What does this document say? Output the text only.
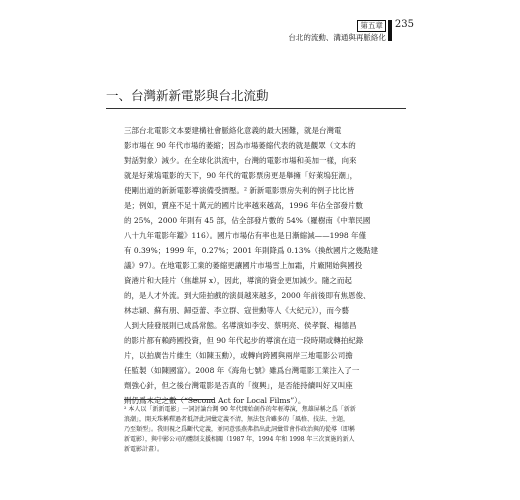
第五章
台北的流動、溝通與再脈絡化
235
一、台灣新新電影與台北流動
三部台北電影文本要建構社會脈絡化意義的最大困難，就是台灣電
影市場在 90 年代市場的萎縮；因為市場萎縮代表的就是觀眾（文本的
對話對象）減少。在全球化洪流中，台灣的電影市場和美加一樣，向來
就是好萊塢電影的天下，90 年代的電影票房更是舉擁「好萊塢狂潮」，
使剛出道的新新電影導演備受擠壓。² 新新電影票房失利的例子比比皆
是；例如，賣座不足十萬元的國片比率越來越高，1996 年佔全部發片數
的 25%，2000 年則有 45 部，佔全部發片數的 54%（羅樹南《中華民國
八十九年電影年鑑》116）。國片市場佔有率也是日漸縮減——1998 年僅
有 0.39%；1999 年，0.27%；2001 年則降爲 0.13%（換飲國片之幾點建
議》97）。在地電影工業的萎縮更讓國片市場雪上加霜，片廠開始與國投
資港片和大陸片（焦雄屏 x），因此，導演的資金更加減少。隨之而起
的，是人才外流。到大陸拍戲的演員越來越多，2000 年前後即有焦恩俊、
林志穎、蘇有朋、歸亞蕾、李立群、寇世勳等人《大紀元》），而今藝
人到大陸發展則已成爲常態。名導演如李安、蔡明亮、侯孝賢、楊德昌
的影片都有賴跨國投資，但 90 年代起步的導演在這一段時期或轉拍紀錄
片，以拍廣告片維生（如陳玉勳），或轉向跨國與兩岸三地電影公司擔
任監製（如陳國富）。2008 年《海角七號》雖爲台灣電影工業注入了一
劑強心針，但之後台灣電影是否真的「復興」，是否能持續叫好又叫座
則仍爲未定之數（“Second Act for Local Films”）。
² 本人以「新新電影」一詞討論台灣 90 年代開始創作的年輕導演，焦雄屏稱之爲「新新
浪潮」，開天珠稱釋過者抵評此詞彙定義不清，無法包含雖多的「風格、技法、主題，
乃至類型」。我則視之爲斷代定義，並同意張燕弗指出此詞彙常會作政治與的從導（即稱
新電影），與中影公司的體制支援相關（1987 年，1994 年和 1998 年三次實施的新人
新電影計畫）。
